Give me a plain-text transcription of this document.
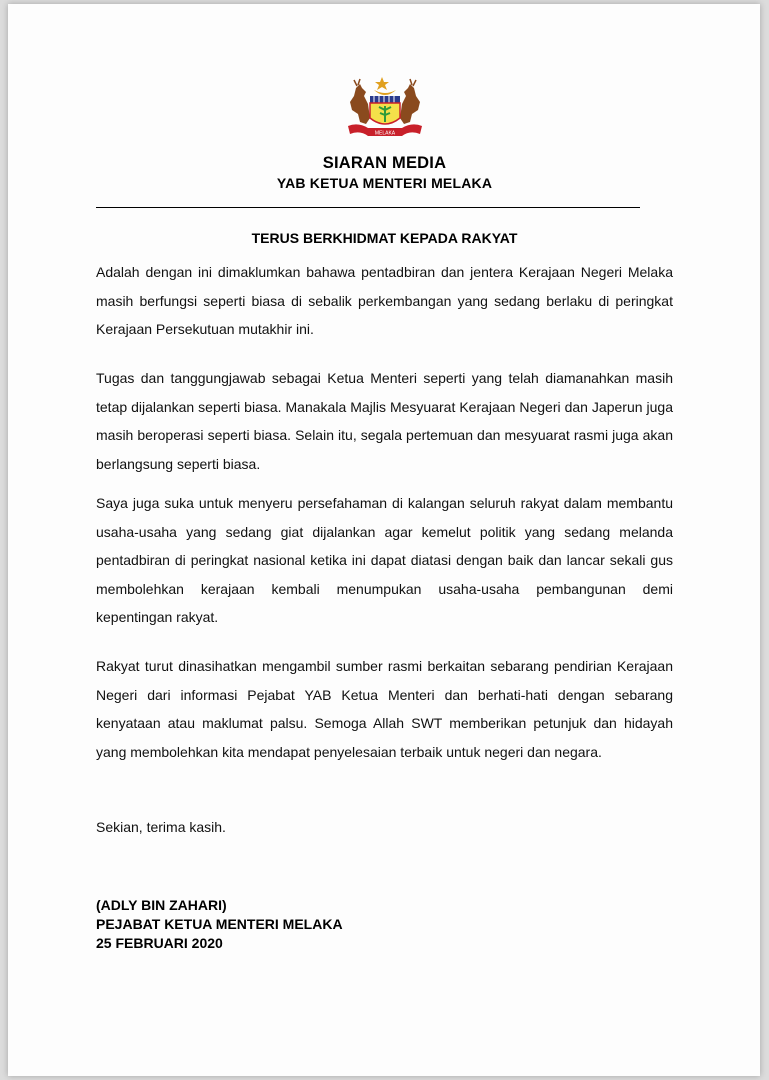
MELAKA
SIARAN MEDIA
YAB KETUA MENTERI MELAKA
TERUS BERKHIDMAT KEPADA RAKYAT

Adalah dengan ini dimaklumkan bahawa pentadbiran dan jentera Kerajaan Negeri Melaka masih berfungsi seperti biasa di sebalik perkembangan yang sedang berlaku di peringkat Kerajaan Persekutuan mutakhir ini.

Tugas dan tanggungjawab sebagai Ketua Menteri seperti yang telah diamanahkan masih tetap dijalankan seperti biasa. Manakala Majlis Mesyuarat Kerajaan Negeri dan Japerun juga masih beroperasi seperti biasa. Selain itu, segala pertemuan dan mesyuarat rasmi juga akan berlangsung seperti biasa.

Saya juga suka untuk menyeru persefahaman di kalangan seluruh rakyat dalam membantu usaha-usaha yang sedang giat dijalankan agar kemelut politik yang sedang melanda pentadbiran di peringkat nasional ketika ini dapat diatasi dengan baik dan lancar sekali gus membolehkan kerajaan kembali menumpukan usaha-usaha pembangunan demi kepentingan rakyat.

Rakyat turut dinasihatkan mengambil sumber rasmi berkaitan sebarang pendirian Kerajaan Negeri dari informasi Pejabat YAB Ketua Menteri dan berhati-hati dengan sebarang kenyataan atau maklumat palsu. Semoga Allah SWT memberikan petunjuk dan hidayah yang membolehkan kita mendapat penyelesaian terbaik untuk negeri dan negara.

Sekian, terima kasih.

(ADLY BIN ZAHARI)

PEJABAT KETUA MENTERI MELAKA

25 FEBRUARI 2020
